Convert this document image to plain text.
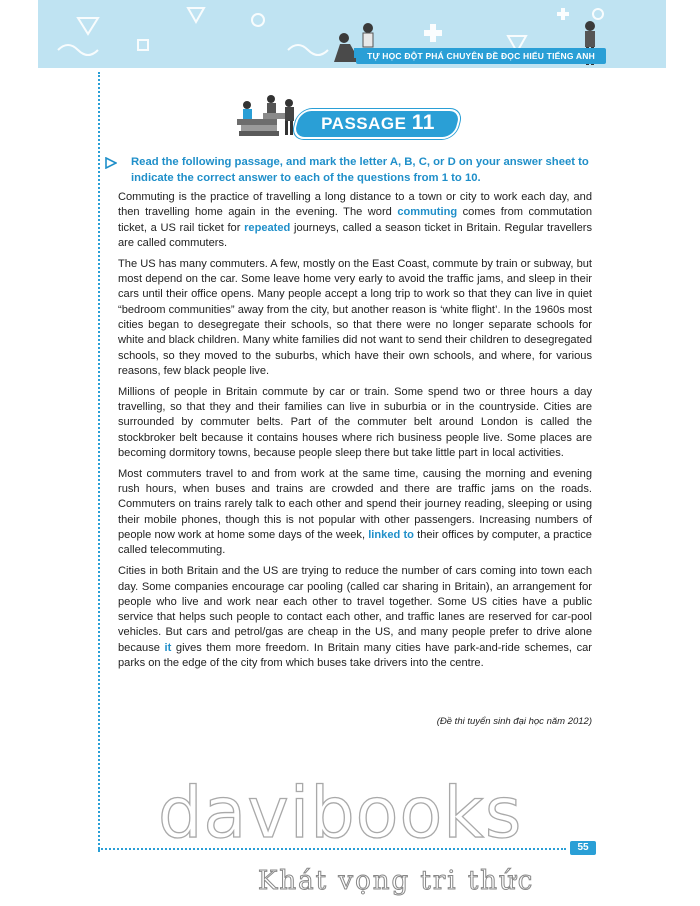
TỰ HỌC ĐỘT PHÁ CHUYÊN ĐỀ ĐỌC HIỂU TIẾNG ANH
PASSAGE 11
Read the following passage, and mark the letter A, B, C, or D on your answer sheet to indicate the correct answer to each of the questions from 1 to 10.

Commuting is the practice of travelling a long distance to a town or city to work each day, and then travelling home again in the evening. The word commuting comes from commutation ticket, a US rail ticket for repeated journeys, called a season ticket in Britain. Regular travellers are called commuters.

The US has many commuters. A few, mostly on the East Coast, commute by train or subway, but most depend on the car. Some leave home very early to avoid the traffic jams, and sleep in their cars until their office opens. Many people accept a long trip to work so that they can live in quiet “bedroom communities” away from the city, but another reason is ‘white flight’. In the 1960s most cities began to desegregate their schools, so that there were no longer separate schools for white and black children. Many white families did not want to send their children to desegregated schools, so they moved to the suburbs, which have their own schools, and where, for various reasons, few black people live.

Millions of people in Britain commute by car or train. Some spend two or three hours a day travelling, so that they and their families can live in suburbia or in the countryside. Cities are surrounded by commuter belts. Part of the commuter belt around London is called the stockbroker belt because it contains houses where rich business people live. Some places are becoming dormitory towns, because people sleep there but take little part in local activities.

Most commuters travel to and from work at the same time, causing the morning and evening rush hours, when buses and trains are crowded and there are traffic jams on the roads. Commuters on trains rarely talk to each other and spend their journey reading, sleeping or using their mobile phones, though this is not popular with other passengers. Increasing numbers of people now work at home some days of the week, linked to their offices by computer, a practice called telecommuting.

Cities in both Britain and the US are trying to reduce the number of cars coming into town each day. Some companies encourage car pooling (called car sharing in Britain), an arrangement for people who live and work near each other to travel together. Some US cities have a public service that helps such people to contact each other, and traffic lanes are reserved for car-pool vehicles. But cars and petrol/gas are cheap in the US, and many people prefer to drive alone because it gives them more freedom. In Britain many cities have park-and-ride schemes, car parks on the edge of the city from which buses take drivers into the centre.

(Đề thi tuyển sinh đại học năm 2012)
davibooks	55
Khát vọng tri thức
